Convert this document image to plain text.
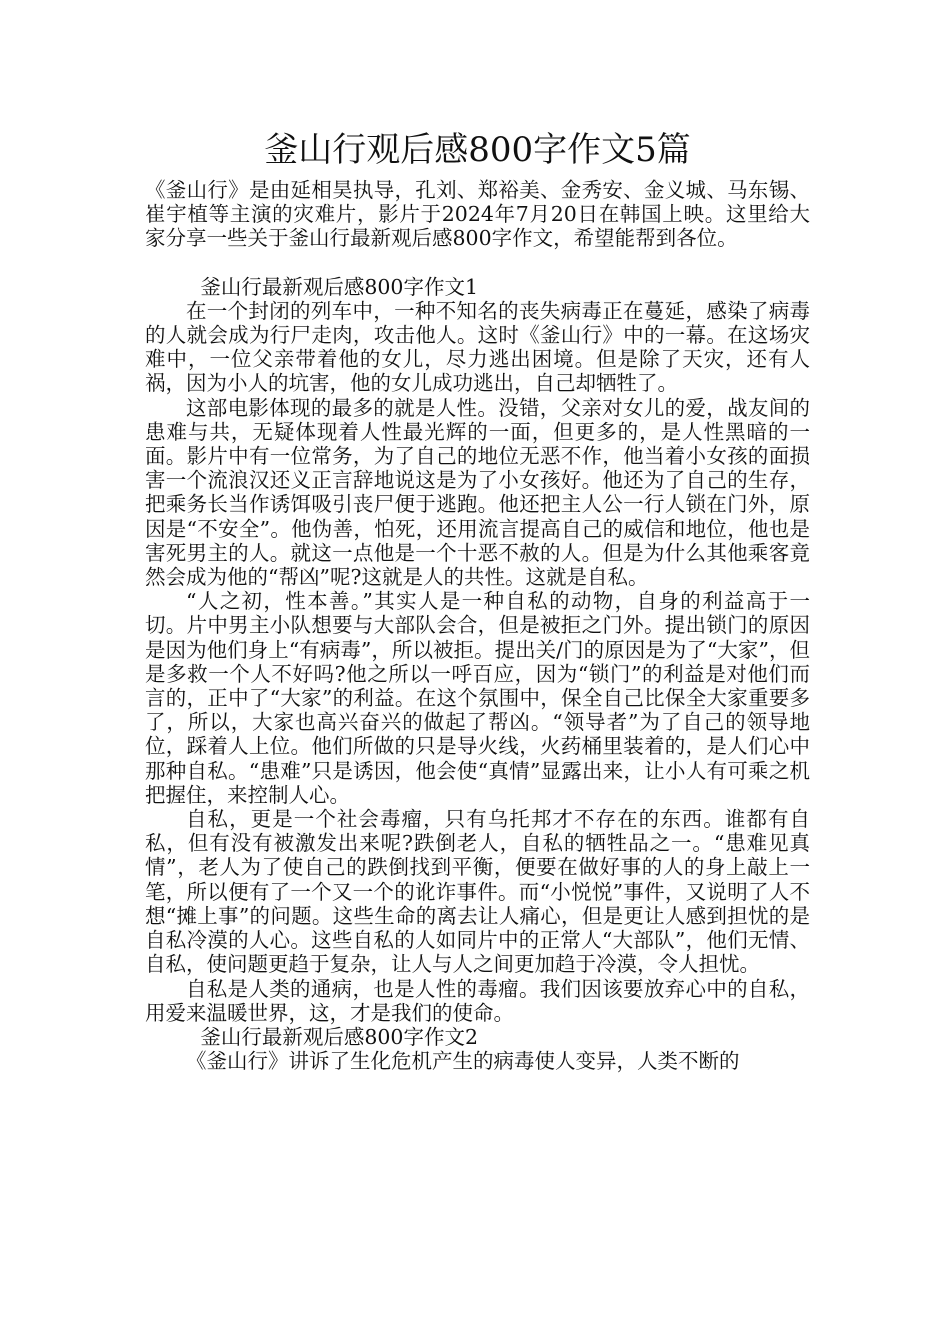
釜山行观后感800字作文5篇

《釜山行》是由延相昊执导，孔刘、郑裕美、金秀安、金义城、马东锡、崔宇植等主演的灾难片，影片于2024年7月20日在韩国上映。这里给大家分享一些关于釜山行最新观后感800字作文，希望能帮到各位。

釜山行最新观后感800字作文1

在一个封闭的列车中，一种不知名的丧失病毒正在蔓延，感染了病毒的人就会成为行尸走肉，攻击他人。这时《釜山行》中的一幕。在这场灾难中，一位父亲带着他的女儿，尽力逃出困境。但是除了天灾，还有人祸，因为小人的坑害，他的女儿成功逃出，自己却牺牲了。

这部电影体现的最多的就是人性。没错，父亲对女儿的爱，战友间的患难与共，无疑体现着人性最光辉的一面，但更多的，是人性黑暗的一面。影片中有一位常务，为了自己的地位无恶不作，他当着小女孩的面损害一个流浪汉还义正言辞地说这是为了小女孩好。他还为了自己的生存，把乘务长当作诱饵吸引丧尸便于逃跑。他还把主人公一行人锁在门外，原因是“不安全”。他伪善，怕死，还用流言提高自己的威信和地位，他也是害死男主的人。就这一点他是一个十恶不赦的人。但是为什么其他乘客竟然会成为他的“帮凶”呢?这就是人的共性。这就是自私。

“人之初，性本善。”其实人是一种自私的动物，自身的利益高于一切。片中男主小队想要与大部队会合，但是被拒之门外。提出锁门的原因是因为他们身上“有病毒”，所以被拒。提出关/门的原因是为了“大家”，但是多救一个人不好吗?他之所以一呼百应，因为“锁门”的利益是对他们而言的，正中了“大家”的利益。在这个氛围中，保全自己比保全大家重要多了，所以，大家也高兴奋兴的做起了帮凶。“领导者”为了自己的领导地位，踩着人上位。他们所做的只是导火线，火药桶里装着的，是人们心中那种自私。“患难”只是诱因，他会使“真情”显露出来，让小人有可乘之机把握住，来控制人心。

自私，更是一个社会毒瘤，只有乌托邦才不存在的东西。谁都有自私，但有没有被激发出来呢?跌倒老人，自私的牺牲品之一。“患难见真情”，老人为了使自己的跌倒找到平衡，便要在做好事的人的身上敲上一笔，所以便有了一个又一个的讹诈事件。而“小悦悦”事件，又说明了人不想“摊上事”的问题。这些生命的离去让人痛心，但是更让人感到担忧的是自私冷漠的人心。这些自私的人如同片中的正常人“大部队”，他们无情、自私，使问题更趋于复杂，让人与人之间更加趋于冷漠，令人担忧。

自私是人类的通病，也是人性的毒瘤。我们因该要放弃心中的自私，用爱来温暖世界，这，才是我们的使命。

釜山行最新观后感800字作文2

《釜山行》讲诉了生化危机产生的病毒使人变异，人类不断的
